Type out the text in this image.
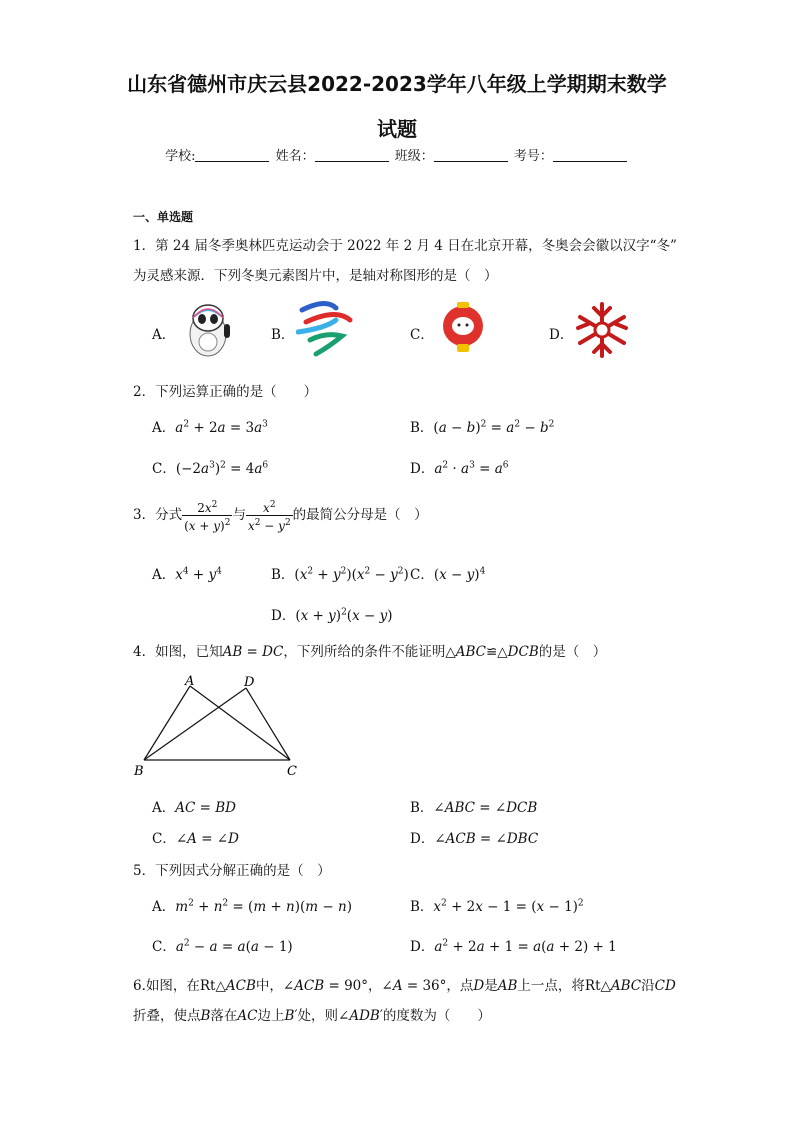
山东省德州市庆云县2022-2023学年八年级上学期期末数学
试题
学校:	姓名：	班级：	考号：
一、单选题
1．第 24 届冬季奥林匹克运动会于 2022 年 2 月 4 日在北京开幕，冬奥会会徽以汉字“冬”
为灵感来源．下列冬奥元素图片中，是轴对称图形的是（　）
A．	B．	C．	D．
2．下列运算正确的是（　　）
A．$a^2 + 2a = 3a^3$	B．$(a - b)^2 = a^2 - b^2$
C．$(-2a^3)^2 = 4a^6$	D．$a^2 \cdot a^3 = a^6$
3．分式 $\frac{2x^2}{(x + y)^2}$ 与 $\frac{x^2}{x^2 - y^2}$ 的最简公分母是（　）
A．$x^4 + y^4$	B．$(x^2 + y^2)(x^2 - y^2)$ C．$(x - y)^4$
D．$(x + y)^2(x - y)$
4．如图，已知AB = DC，下列所给的条件不能证明△ABC≌△DCB的是（　）
A	D
B	C
A．AC = BD	B．∠ABC = ∠DCB
C．∠A = ∠D	D．∠ACB = ∠DBC
5．下列因式分解正确的是（　）
A．$m^2 + n^2 = (m + n)(m - n)$	B．$x^2 + 2x - 1 = (x - 1)^2$
C．$a^2 - a = a(a - 1)$	D．$a^2 + 2a + 1 = a(a + 2) + 1$
6.如图，在Rt△ACB中，∠ACB = 90°，∠A = 36°，点D是AB上一点，将Rt△ABC沿CD
折叠，使点B落在AC边上B′处，则∠ADB′的度数为（　　）
